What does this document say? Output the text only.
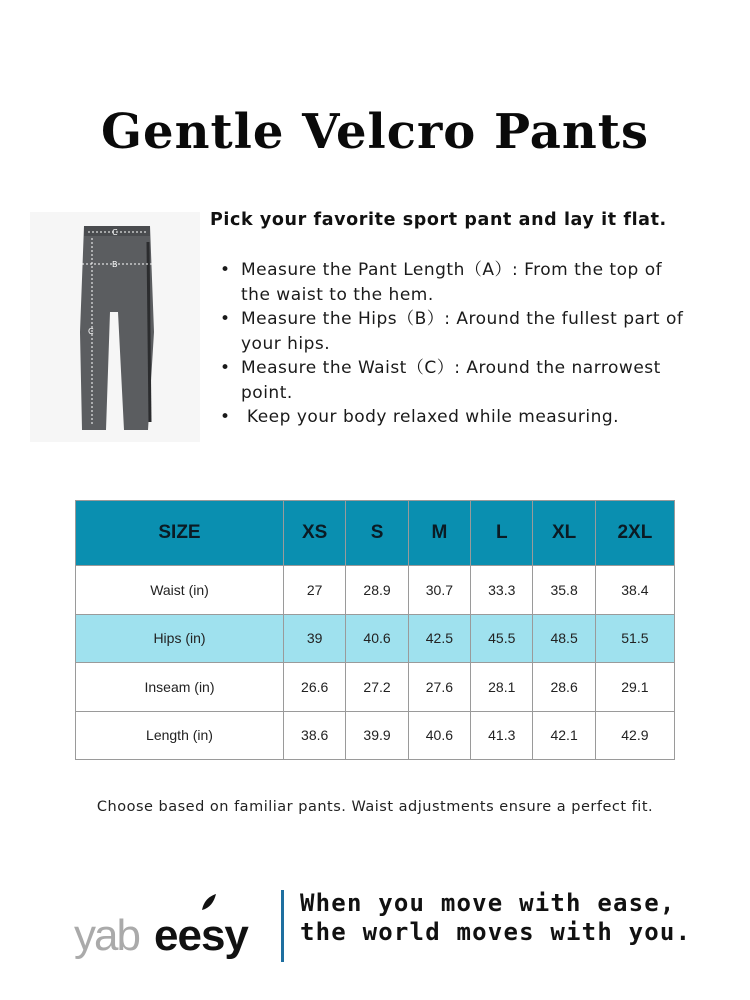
Gentle Velcro Pants
C
B
C
Pick your favorite sport pant and lay it flat.
• Measure the Pant Length（A）: From the top of the waist to the hem.
• Measure the Hips（B）: Around the fullest part of your hips.
• Measure the Waist（C）: Around the narrowest point.
• Keep your body relaxed while measuring.
SIZE	XS	S	M	L	XL	2XL
Waist (in)	27	28.9	30.7	33.3	35.8	38.4
Hips (in)	39	40.6	42.5	45.5	48.5	51.5
Inseam (in)	26.6	27.2	27.6	28.1	28.6	29.1
Length (in)	38.6	39.9	40.6	41.3	42.1	42.9
Choose based on familiar pants. Waist adjustments ensure a perfect fit.
yab eesy
When you move with ease,
the world moves with you.
